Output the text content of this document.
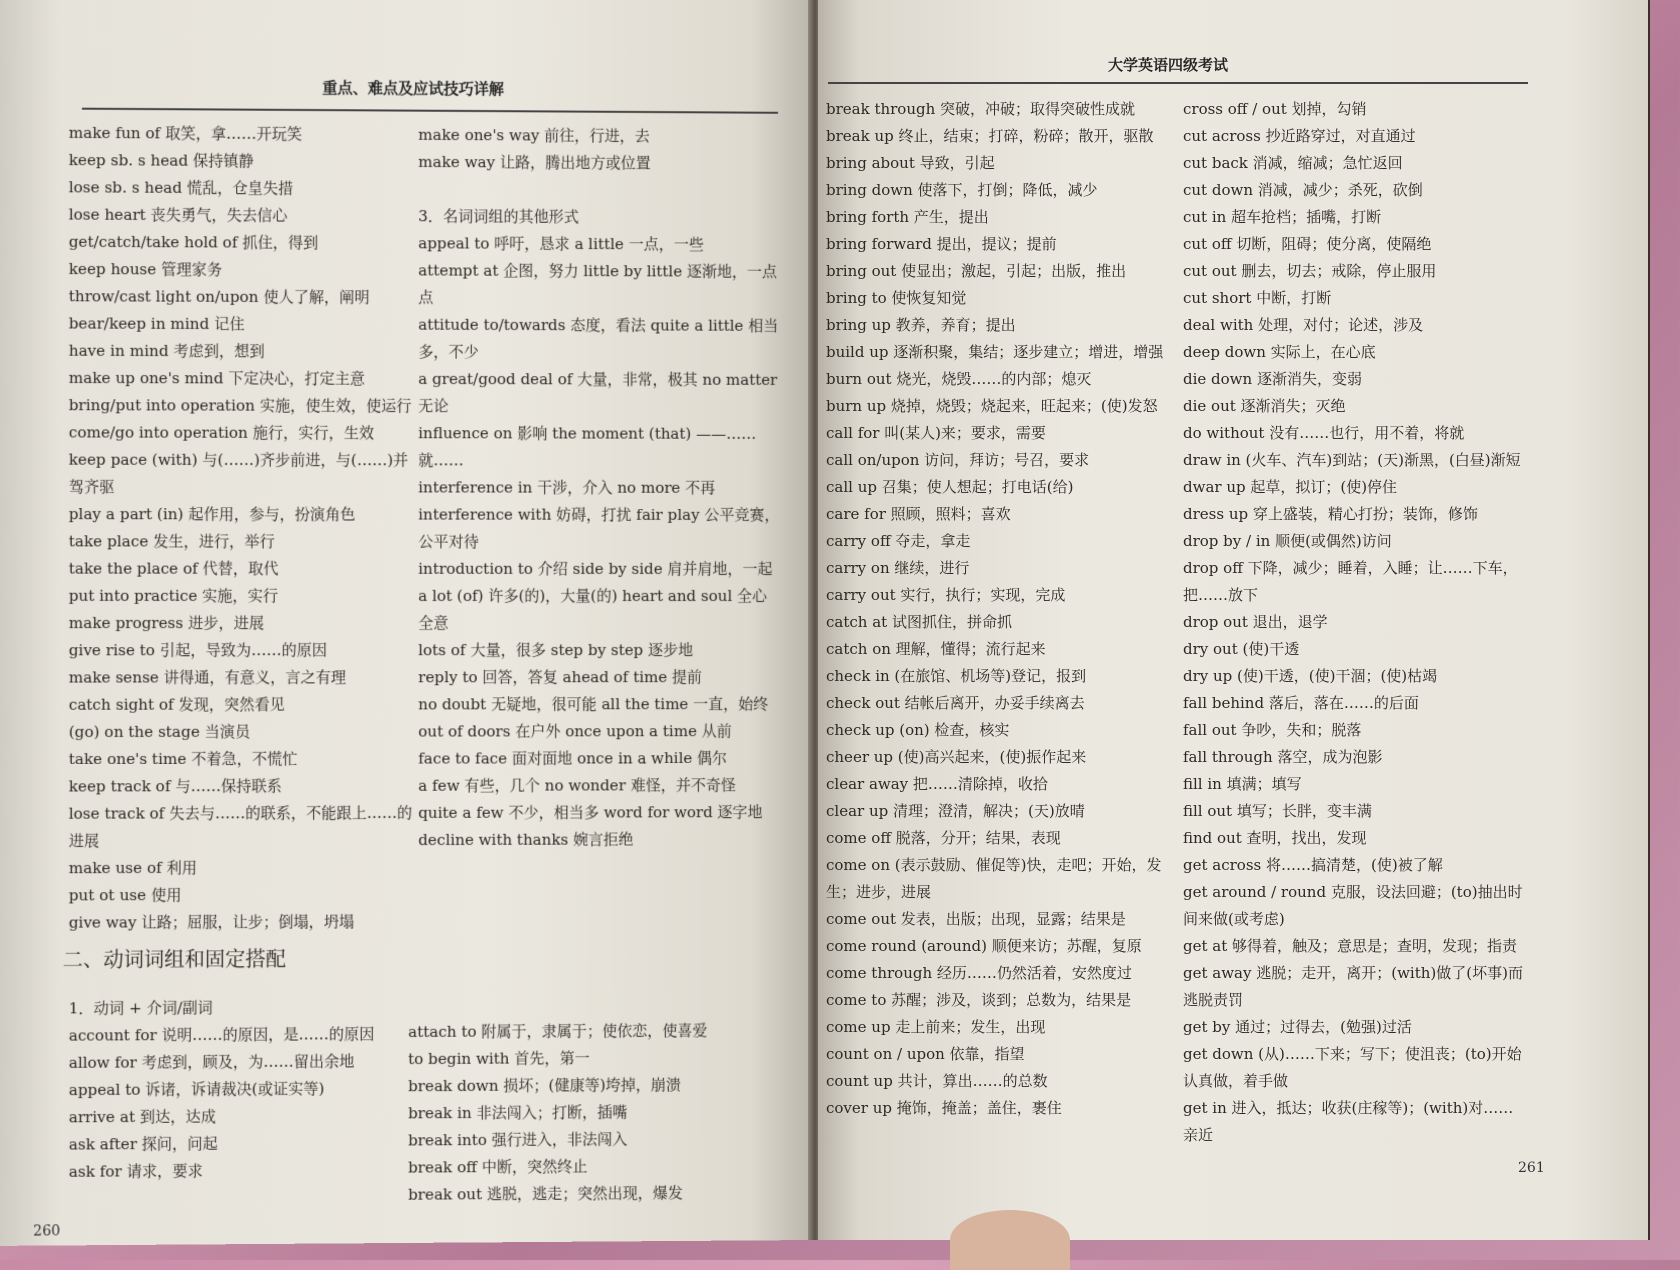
重点、难点及应试技巧详解
make fun of 取笑，拿……开玩笑
keep sb. s head 保持镇静
lose sb. s head 慌乱，仓皇失措
lose heart 丧失勇气，失去信心
get/catch/take hold of 抓住，得到
keep house 管理家务
throw/cast light on/upon 使人了解，阐明
bear/keep in mind 记住
have in mind 考虑到，想到
make up one's mind 下定决心，打定主意
bring/put into operation 实施，使生效，使运行
come/go into operation 施行，实行，生效
keep pace (with) 与(……)齐步前进，与(……)并驾齐驱
play a part (in) 起作用，参与，扮演角色
take place 发生，进行，举行
take the place of 代替，取代
put into practice 实施，实行
make progress 进步，进展
give rise to 引起，导致为……的原因
make sense 讲得通，有意义，言之有理
catch sight of 发现，突然看见
(go) on the stage 当演员
take one's time 不着急，不慌忙
keep track of 与……保持联系
lose track of 失去与……的联系，不能跟上……的进展
make use of 利用
put ot use 使用
give way 让路；屈服，让步；倒塌，坍塌
二、动词词组和固定搭配
1．动词 + 介词/副词
account for 说明……的原因，是……的原因
allow for 考虑到，顾及，为……留出余地
appeal to 诉诸，诉请裁决(或证实等)
arrive at 到达，达成
ask after 探问，问起
ask for 请求，要求
make one's way 前往，行进，去
make way 让路，腾出地方或位置

3．名词词组的其他形式
appeal to 呼吁，恳求 a little 一点，一些
attempt at 企图，努力 little by little 逐渐地，一点点
attitude to/towards 态度，看法 quite a little 相当多，不少
a great/good deal of 大量，非常，极其 no matter 无论
influence on 影响 the moment (that) ——……就……
interference in 干涉，介入 no more 不再
interference with 妨碍，打扰 fair play 公平竞赛，公平对待
introduction to 介绍 side by side 肩并肩地，一起
a lot (of) 许多(的)，大量(的) heart and soul 全心全意
lots of 大量，很多 step by step 逐步地
reply to 回答，答复 ahead of time 提前
no doubt 无疑地，很可能 all the time 一直，始终
out of doors 在户外 once upon a time 从前
face to face 面对面地 once in a while 偶尔
a few 有些，几个 no wonder 难怪，并不奇怪
quite a few 不少，相当多 word for word 逐字地
decline with thanks 婉言拒绝
attach to 附属于，隶属于；使依恋，使喜爱
to begin with 首先，第一
break down 损坏；(健康等)垮掉，崩溃
break in 非法闯入；打断，插嘴
break into 强行进入，非法闯入
break off 中断，突然终止
break out 逃脱，逃走；突然出现，爆发
260
大学英语四级考试
break through 突破，冲破；取得突破性成就
break up 终止，结束；打碎，粉碎；散开，驱散
bring about 导致，引起
bring down 使落下，打倒；降低，减少
bring forth 产生，提出
bring forward 提出，提议；提前
bring out 使显出；激起，引起；出版，推出
bring to 使恢复知觉
bring up 教养，养育；提出
build up 逐渐积聚，集结；逐步建立；增进，增强
burn out 烧光，烧毁……的内部；熄灭
burn up 烧掉，烧毁；烧起来，旺起来；(使)发怒
call for 叫(某人)来；要求，需要
call on/upon 访问，拜访；号召，要求
call up 召集；使人想起；打电话(给)
care for 照顾，照料；喜欢
carry off 夺走，拿走
carry on 继续，进行
carry out 实行，执行；实现，完成
catch at 试图抓住，拼命抓
catch on 理解，懂得；流行起来
check in (在旅馆、机场等)登记，报到
check out 结帐后离开，办妥手续离去
check up (on) 检查，核实
cheer up (使)高兴起来，(使)振作起来
clear away 把……清除掉，收拾
clear up 清理；澄清，解决；(天)放晴
come off 脱落，分开；结果，表现
come on (表示鼓励、催促等)快，走吧；开始，发生；进步，进展
come out 发表，出版；出现，显露；结果是
come round (around) 顺便来访；苏醒，复原
come through 经历……仍然活着，安然度过
come to 苏醒；涉及，谈到；总数为，结果是
come up 走上前来；发生，出现
count on / upon 依靠，指望
count up 共计，算出……的总数
cover up 掩饰，掩盖；盖住，裹住
cross off / out 划掉，勾销
cut across 抄近路穿过，对直通过
cut back 消减，缩减；急忙返回
cut down 消减，减少；杀死，砍倒
cut in 超车抢档；插嘴，打断
cut off 切断，阻碍；使分离，使隔绝
cut out 删去，切去；戒除，停止服用
cut short 中断，打断
deal with 处理，对付；论述，涉及
deep down 实际上，在心底
die down 逐渐消失，变弱
die out 逐渐消失；灭绝
do without 没有……也行，用不着，将就
draw in (火车、汽车)到站；(天)渐黑，(白昼)渐短
dwar up 起草，拟订；(使)停住
dress up 穿上盛装，精心打扮；装饰，修饰
drop by / in 顺便(或偶然)访问
drop off 下降，减少；睡着，入睡；让……下车，把……放下
drop out 退出，退学
dry out (使)干透
dry up (使)干透，(使)干涸；(使)枯竭
fall behind 落后，落在……的后面
fall out 争吵，失和；脱落
fall through 落空，成为泡影
fill in 填满；填写
fill out 填写；长胖，变丰满
find out 查明，找出，发现
get across 将……搞清楚，(使)被了解
get around / round 克服，设法回避；(to)抽出时间来做(或考虑)
get at 够得着，触及；意思是；查明，发现；指责
get away 逃脱；走开，离开；(with)做了(坏事)而逃脱责罚
get by 通过；过得去，(勉强)过活
get down (从)……下来；写下；使沮丧；(to)开始认真做，着手做
get in 进入，抵达；收获(庄稼等)；(with)对……亲近
261
